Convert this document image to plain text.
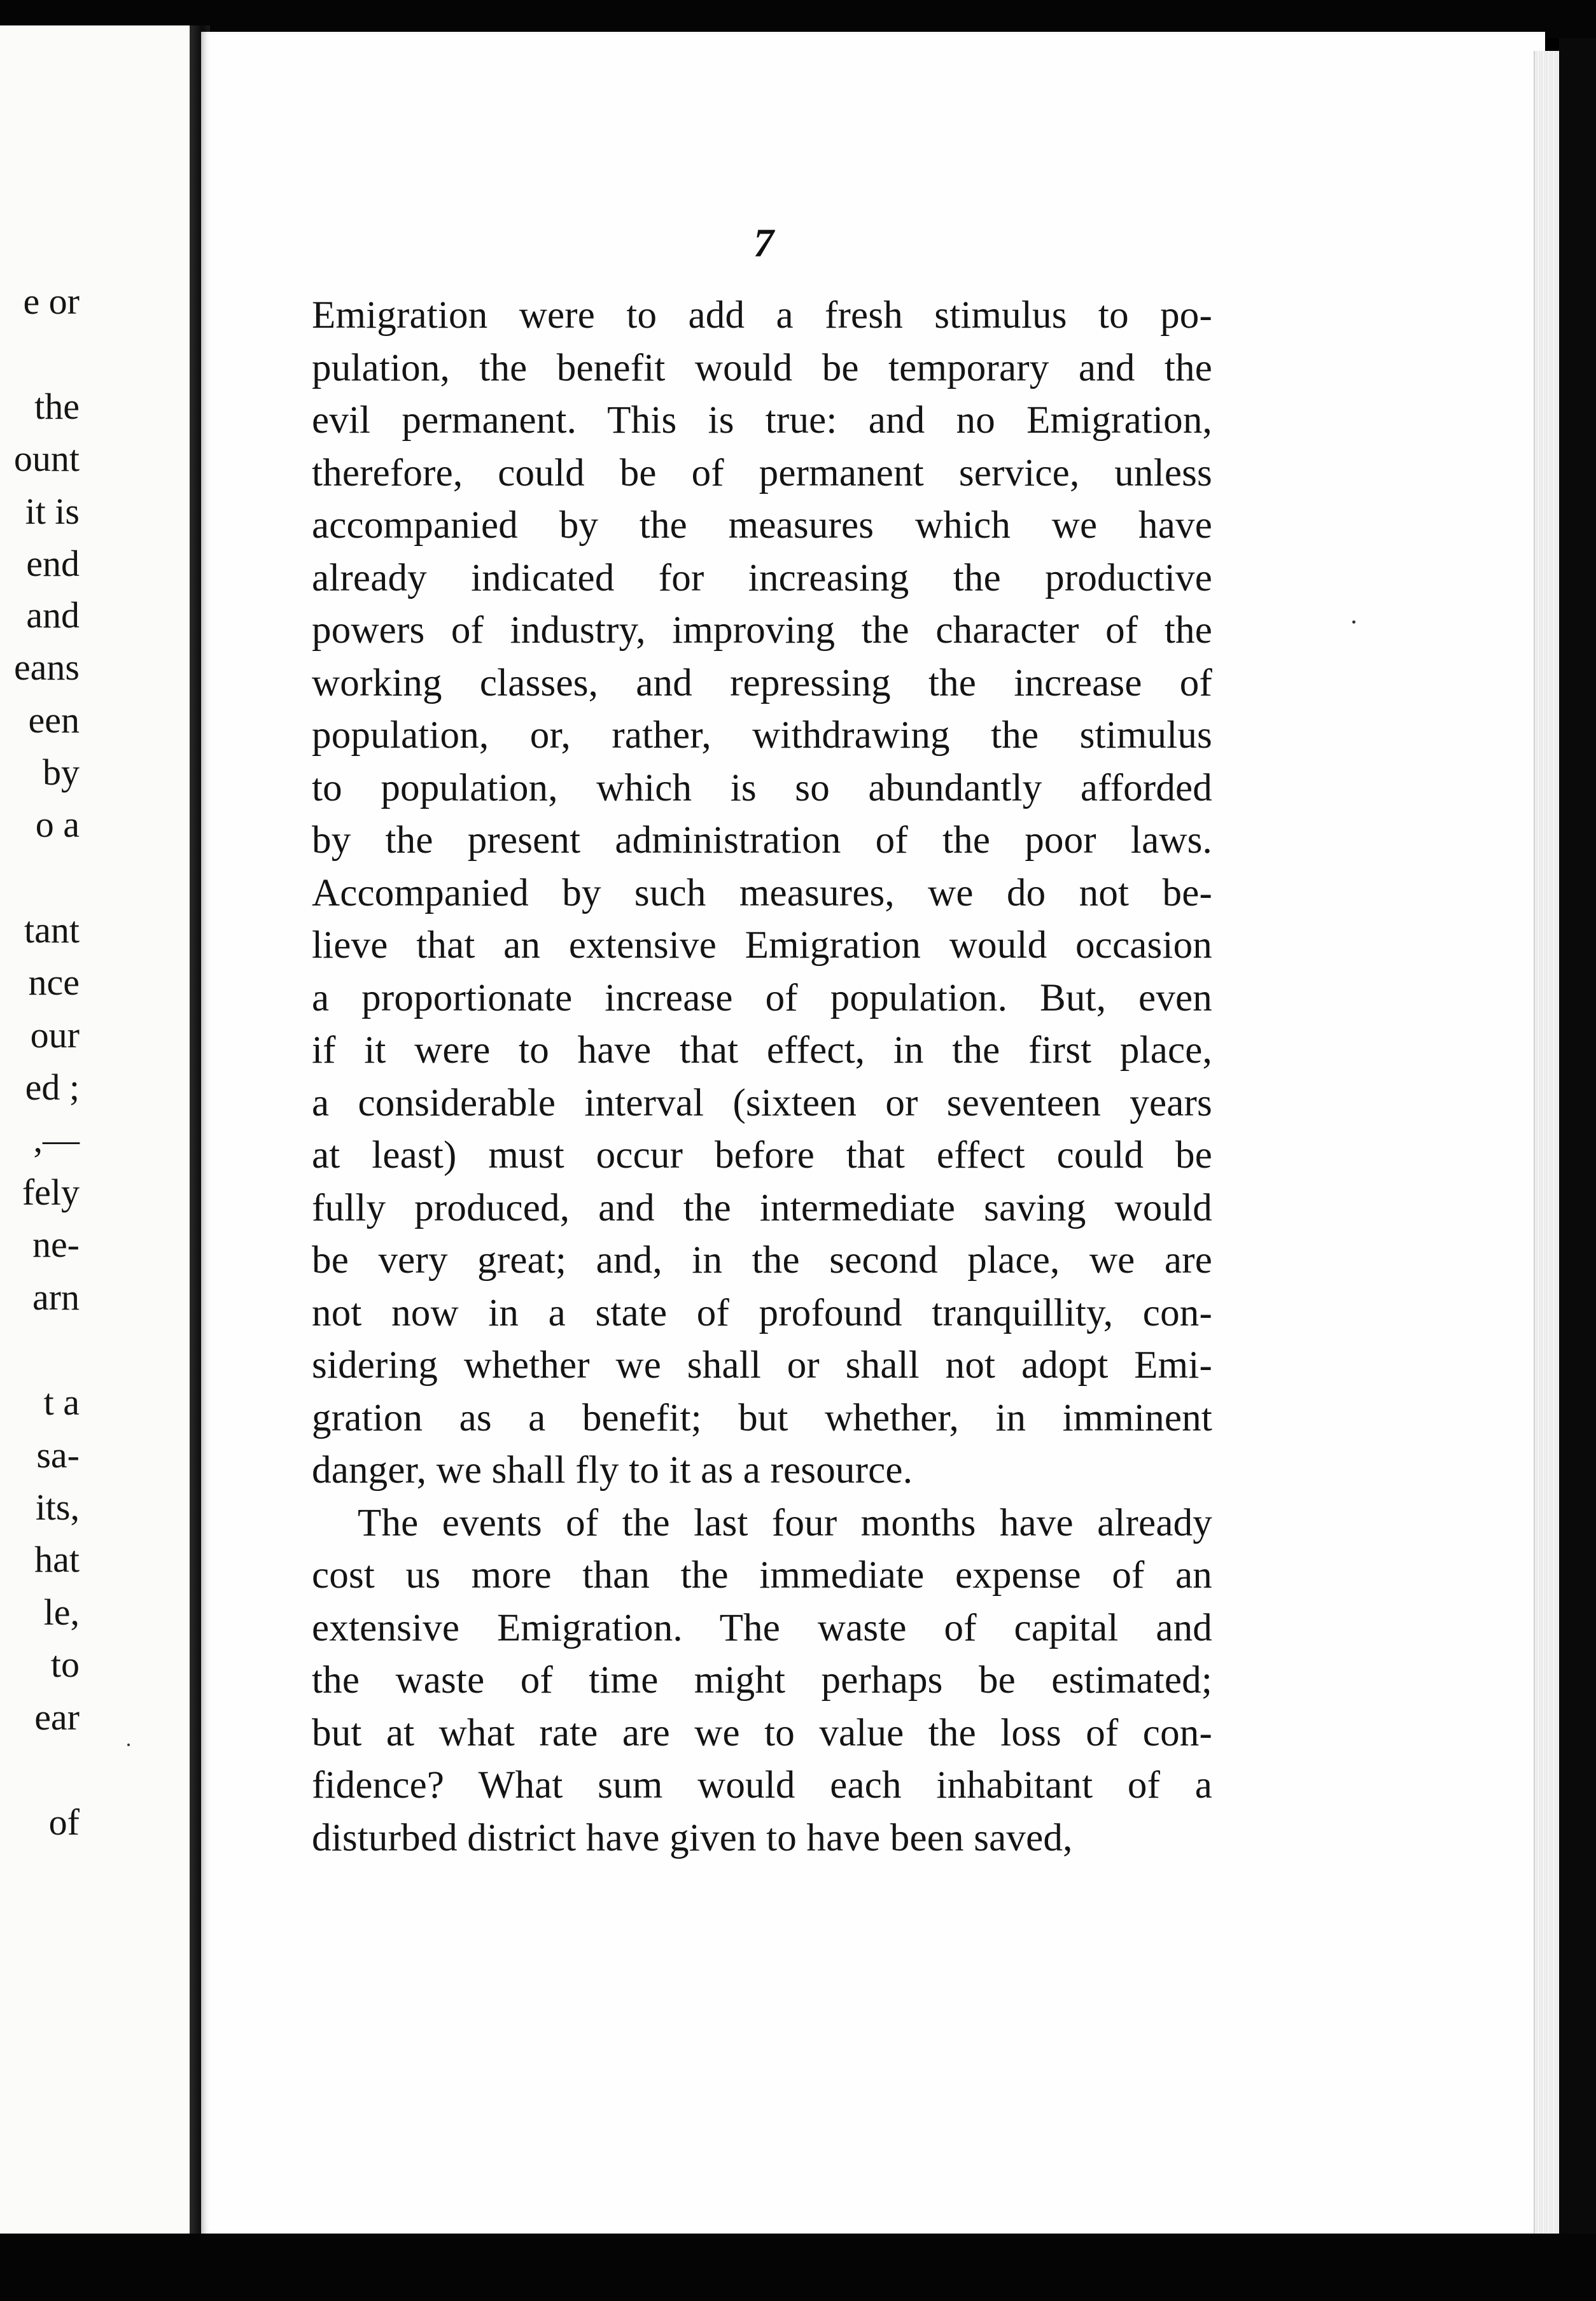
e or
the
ount
it is
end
and
eans
een
by
o a
tant
nce
our
ed ;
,—
fely
ne-
arn
t a
sa-
its,
hat
le,
to
ear
of
7
Emigration were to add a fresh stimulus to po-
pulation, the benefit would be temporary and the
evil permanent. This is true: and no Emigration,
therefore, could be of permanent service, unless
accompanied by the measures which we have
already indicated for increasing the productive
powers of industry, improving the character of the
working classes, and repressing the increase of
population, or, rather, withdrawing the stimulus
to population, which is so abundantly afforded
by the present administration of the poor laws.
Accompanied by such measures, we do not be-
lieve that an extensive Emigration would occasion
a proportionate increase of population. But, even
if it were to have that effect, in the first place,
a considerable interval (sixteen or seventeen years
at least) must occur before that effect could be
fully produced, and the intermediate saving would
be very great; and, in the second place, we are
not now in a state of profound tranquillity, con-
sidering whether we shall or shall not adopt Emi-
gration as a benefit; but whether, in imminent
danger, we shall fly to it as a resource.
The events of the last four months have already
cost us more than the immediate expense of an
extensive Emigration. The waste of capital and
the waste of time might perhaps be estimated;
but at what rate are we to value the loss of con-
fidence? What sum would each inhabitant of a
disturbed district have given to have been saved,
